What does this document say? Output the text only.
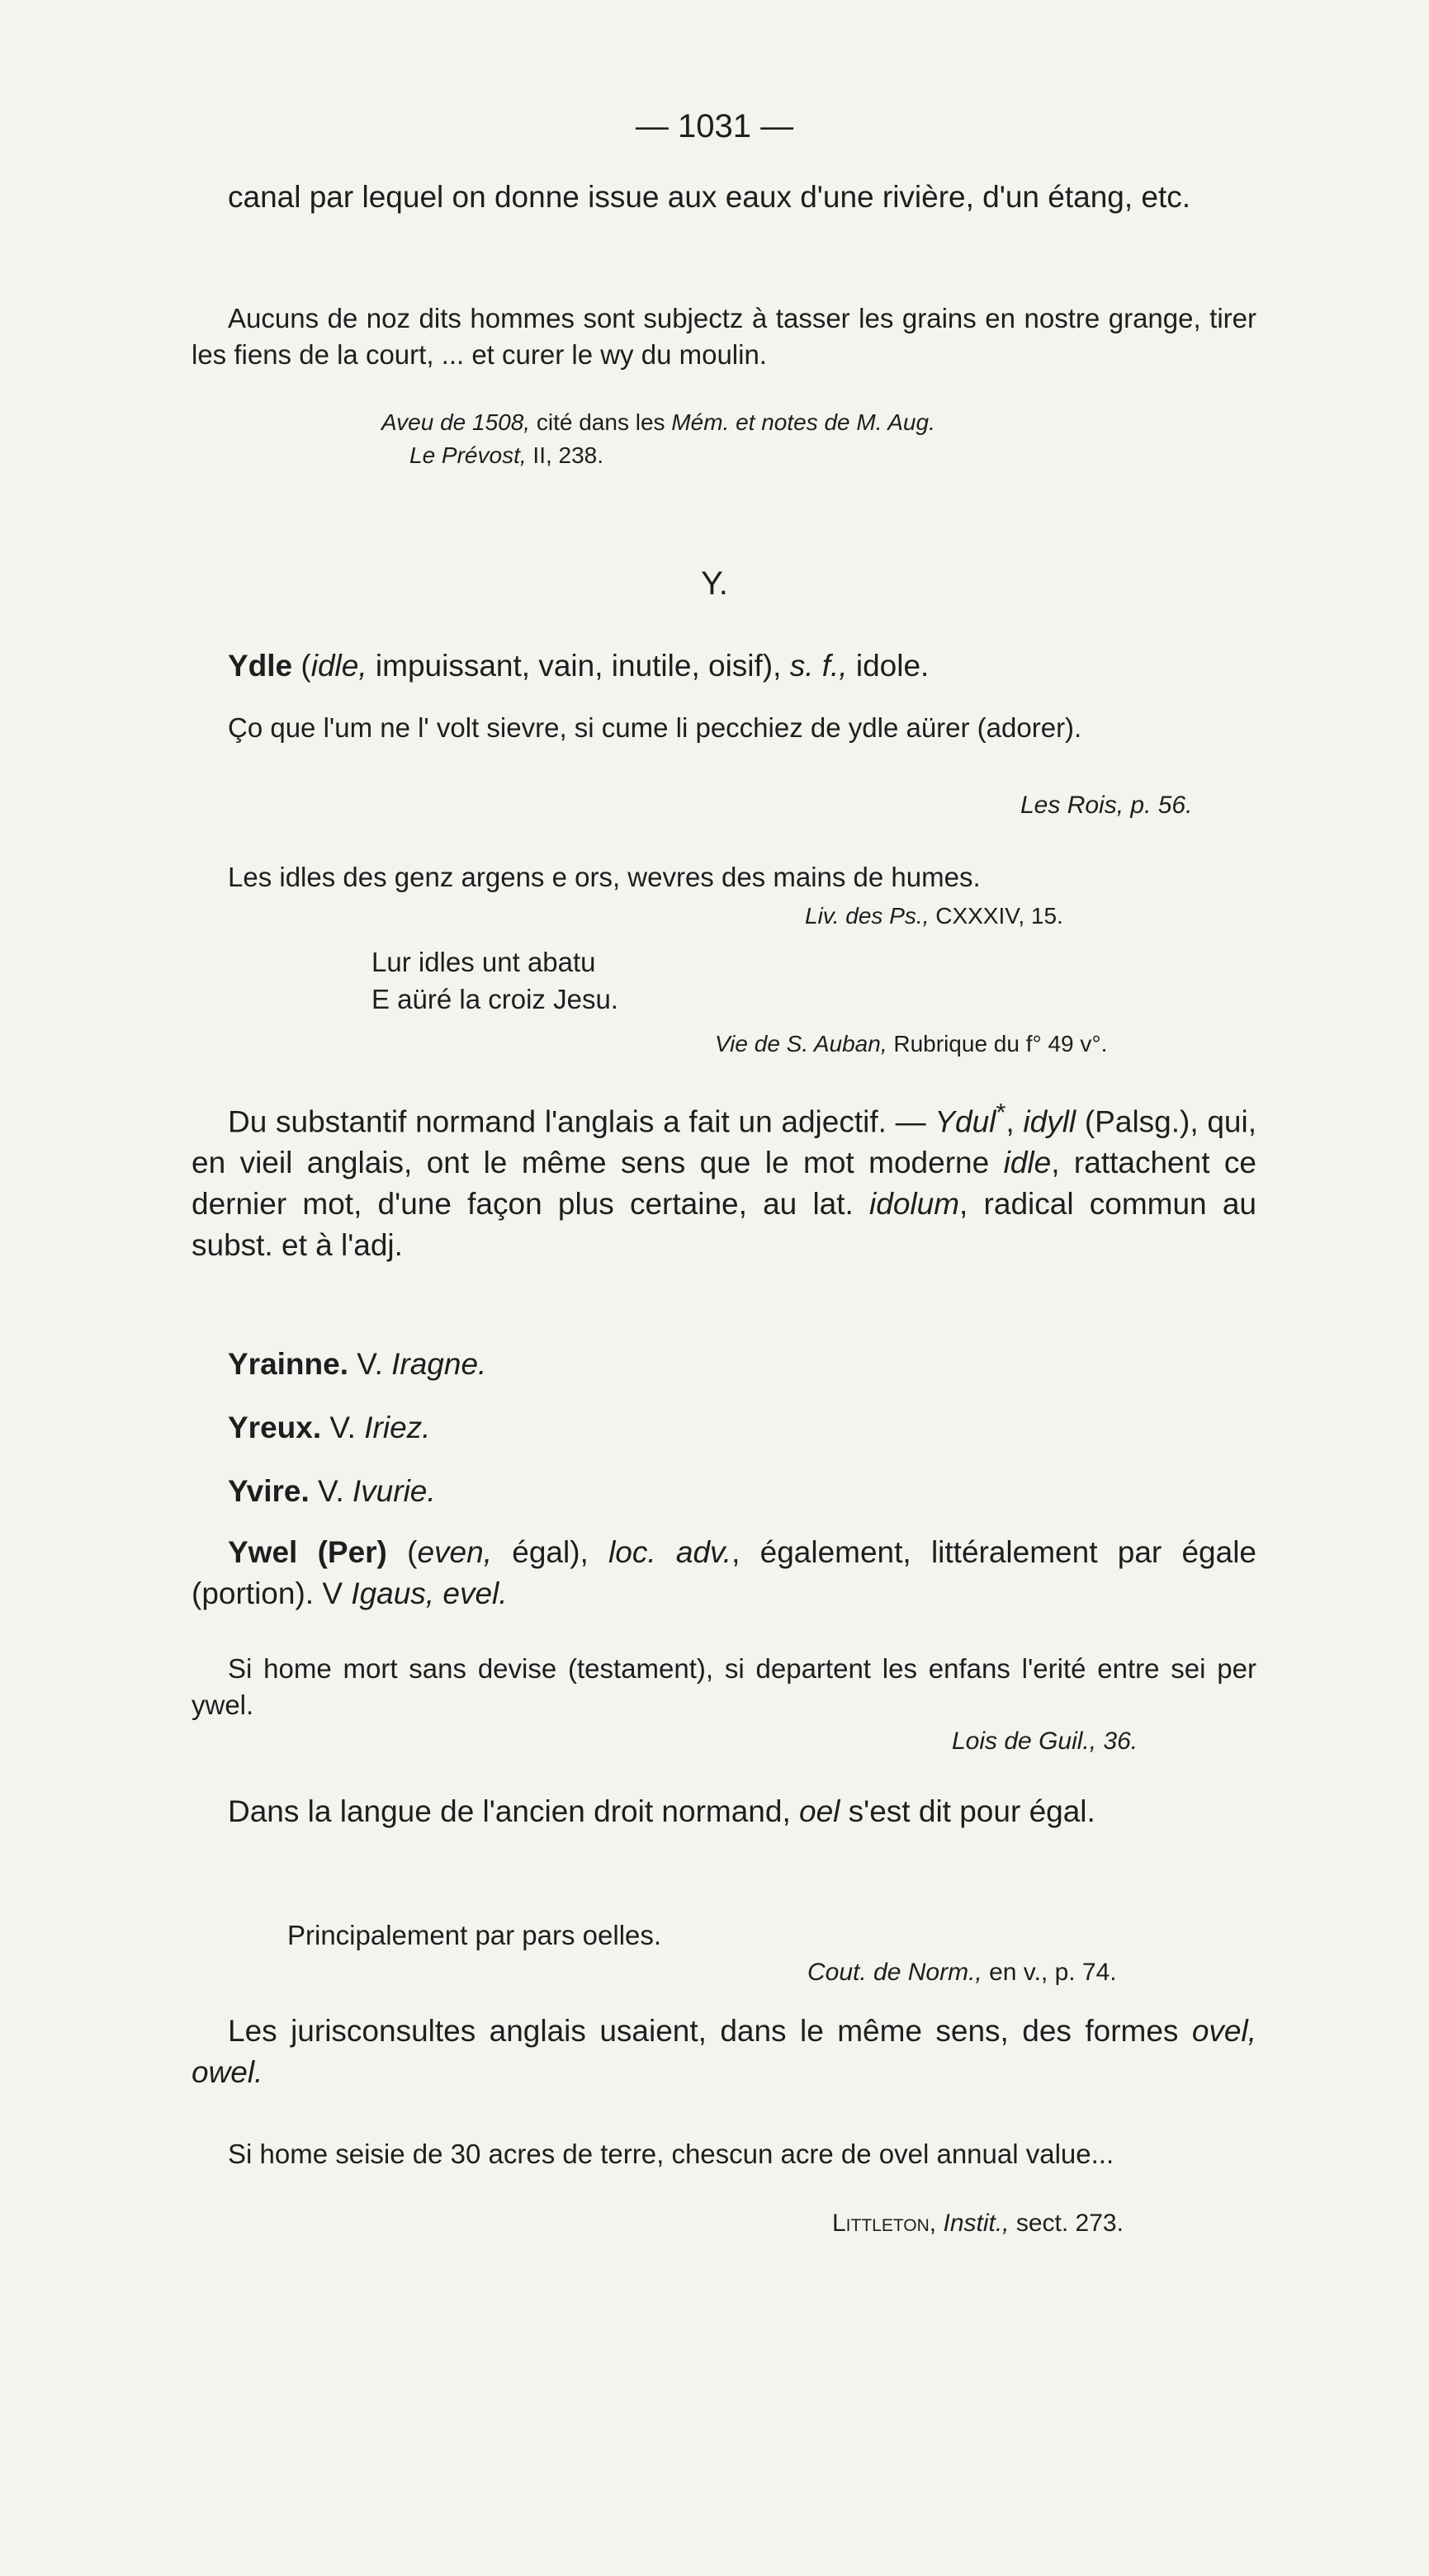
— 1031 —

canal par lequel on donne issue aux eaux d'une rivière, d'un étang, etc.

Aucuns de noz dits hommes sont subjectz à tasser les grains en nostre grange, tirer les fiens de la court, ... et curer le wy du moulin.

Aveu de 1508, cité dans les Mém. et notes de M. Aug.
Le Prévost, II, 238.
Y.

Ydle (idle, impuissant, vain, inutile, oisif), s. f., idole.

Ço que l'um ne l' volt sievre, si cume li pecchiez de ydle aürer (adorer).

Les Rois, p. 56.

Les idles des genz argens e ors, wevres des mains de humes.

Liv. des Ps., CXXXIV, 15.
Lur idles unt abatu
E aüré la croiz Jesu.
Vie de S. Auban, Rubrique du f° 49 v°.

Du substantif normand l'anglais a fait un adjectif. — Ydul*, idyll (Palsg.), qui, en vieil anglais, ont le même sens que le mot moderne idle, rattachent ce dernier mot, d'une façon plus certaine, au lat. idolum, radical commun au subst. et à l'adj.

Yrainne. V. Iragne.

Yreux. V. Iriez.

Yvire. V. Ivurie.

Ywel (Per) (even, égal), loc. adv., également, littéralement par égale (portion). V Igaus, evel.

Si home mort sans devise (testament), si departent les enfans l'erité entre sei per ywel.

Lois de Guil., 36.

Dans la langue de l'ancien droit normand, oel s'est dit pour égal.

Principalement par pars oelles.

Cout. de Norm., en v., p. 74.

Les jurisconsultes anglais usaient, dans le même sens, des formes ovel, owel.

Si home seisie de 30 acres de terre, chescun acre de ovel annual value...

Littleton, Instit., sect. 273.
